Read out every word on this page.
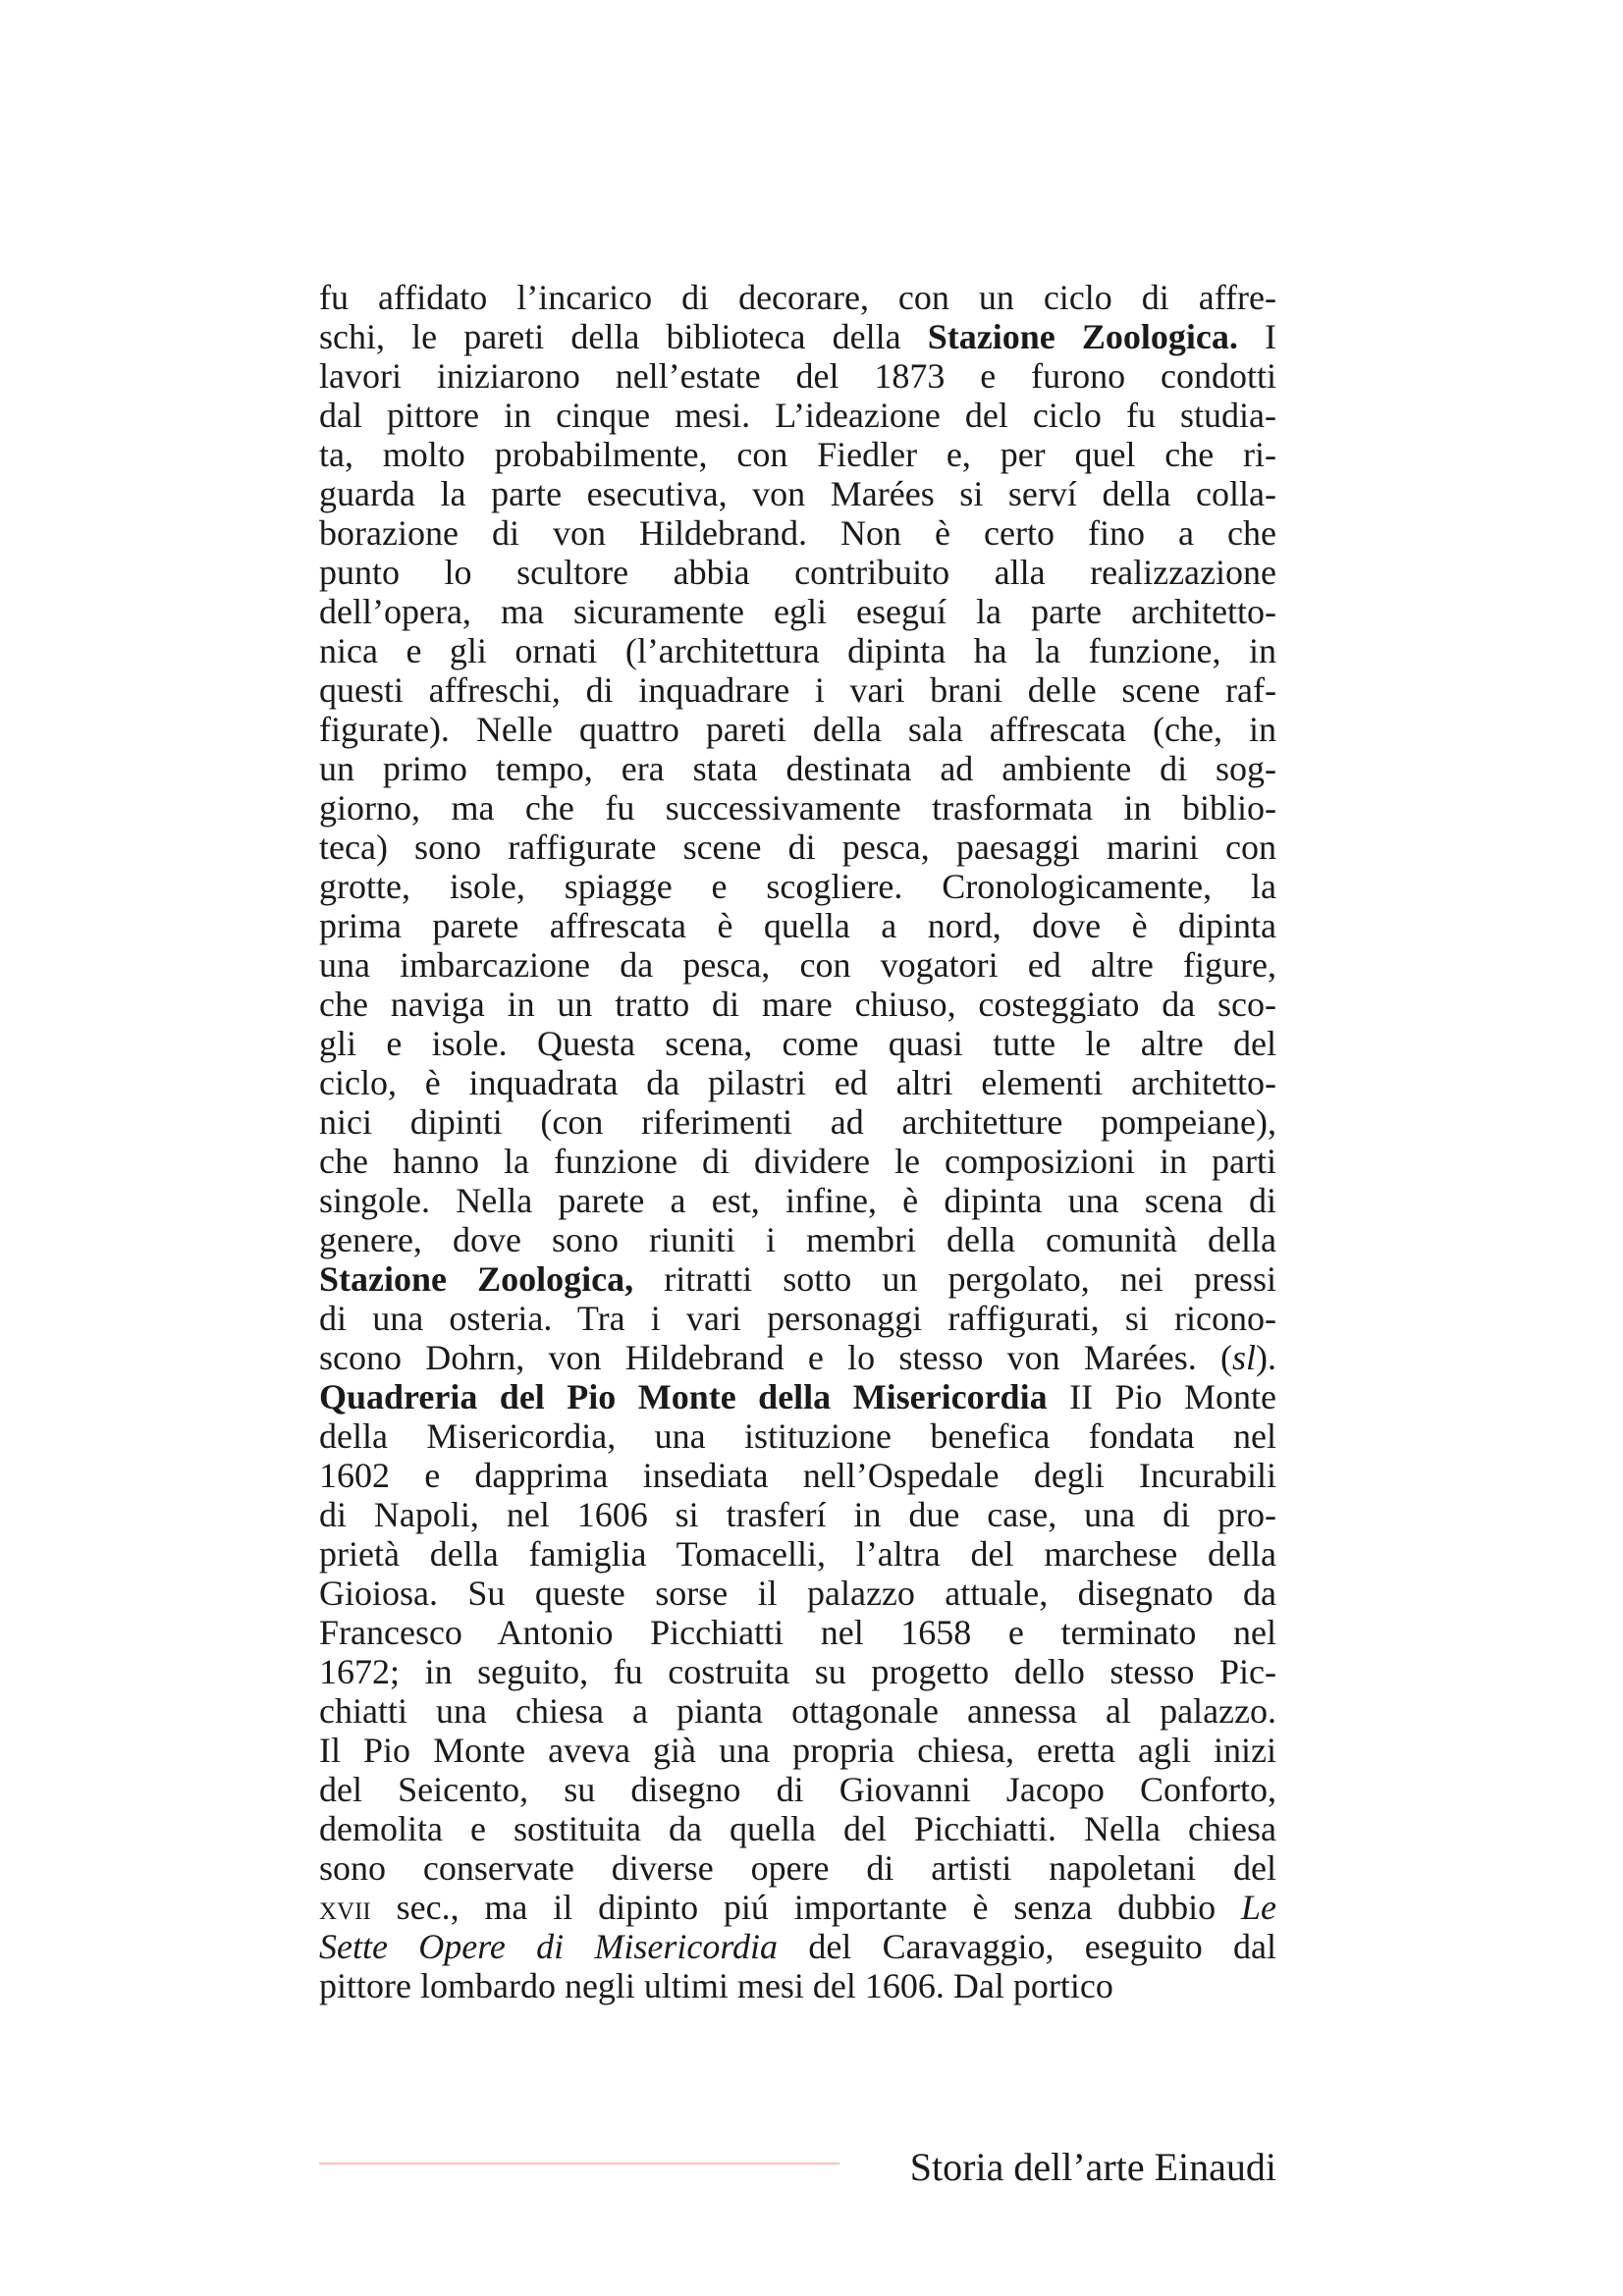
fu affidato l’incarico di decorare, con un ciclo di affre-
schi, le pareti della biblioteca della Stazione Zoologica. I
lavori iniziarono nell’estate del 1873 e furono condotti
dal pittore in cinque mesi. L’ideazione del ciclo fu studia-
ta, molto probabilmente, con Fiedler e, per quel che ri-
guarda la parte esecutiva, von Marées si serví della colla-
borazione di von Hildebrand. Non è certo fino a che
punto lo scultore abbia contribuito alla realizzazione
dell’opera, ma sicuramente egli eseguí la parte architetto-
nica e gli ornati (l’architettura dipinta ha la funzione, in
questi affreschi, di inquadrare i vari brani delle scene raf-
figurate). Nelle quattro pareti della sala affrescata (che, in
un primo tempo, era stata destinata ad ambiente di sog-
giorno, ma che fu successivamente trasformata in biblio-
teca) sono raffigurate scene di pesca, paesaggi marini con
grotte, isole, spiagge e scogliere. Cronologicamente, la
prima parete affrescata è quella a nord, dove è dipinta
una imbarcazione da pesca, con vogatori ed altre figure,
che naviga in un tratto di mare chiuso, costeggiato da sco-
gli e isole. Questa scena, come quasi tutte le altre del
ciclo, è inquadrata da pilastri ed altri elementi architetto-
nici dipinti (con riferimenti ad architetture pompeiane),
che hanno la funzione di dividere le composizioni in parti
singole. Nella parete a est, infine, è dipinta una scena di
genere, dove sono riuniti i membri della comunità della
Stazione Zoologica, ritratti sotto un pergolato, nei pressi
di una osteria. Tra i vari personaggi raffigurati, si ricono-
scono Dohrn, von Hildebrand e lo stesso von Marées. (sl).
Quadreria del Pio Monte della Misericordia II Pio Monte
della Misericordia, una istituzione benefica fondata nel
1602 e dapprima insediata nell’Ospedale degli Incurabili
di Napoli, nel 1606 si trasferí in due case, una di pro-
prietà della famiglia Tomacelli, l’altra del marchese della
Gioiosa. Su queste sorse il palazzo attuale, disegnato da
Francesco Antonio Picchiatti nel 1658 e terminato nel
1672; in seguito, fu costruita su progetto dello stesso Pic-
chiatti una chiesa a pianta ottagonale annessa al palazzo.
Il Pio Monte aveva già una propria chiesa, eretta agli inizi
del Seicento, su disegno di Giovanni Jacopo Conforto,
demolita e sostituita da quella del Picchiatti. Nella chiesa
sono conservate diverse opere di artisti napoletani del
xvii sec., ma il dipinto piú importante è senza dubbio Le
Sette Opere di Misericordia del Caravaggio, eseguito dal
pittore lombardo negli ultimi mesi del 1606. Dal portico
Storia dell’arte Einaudi
